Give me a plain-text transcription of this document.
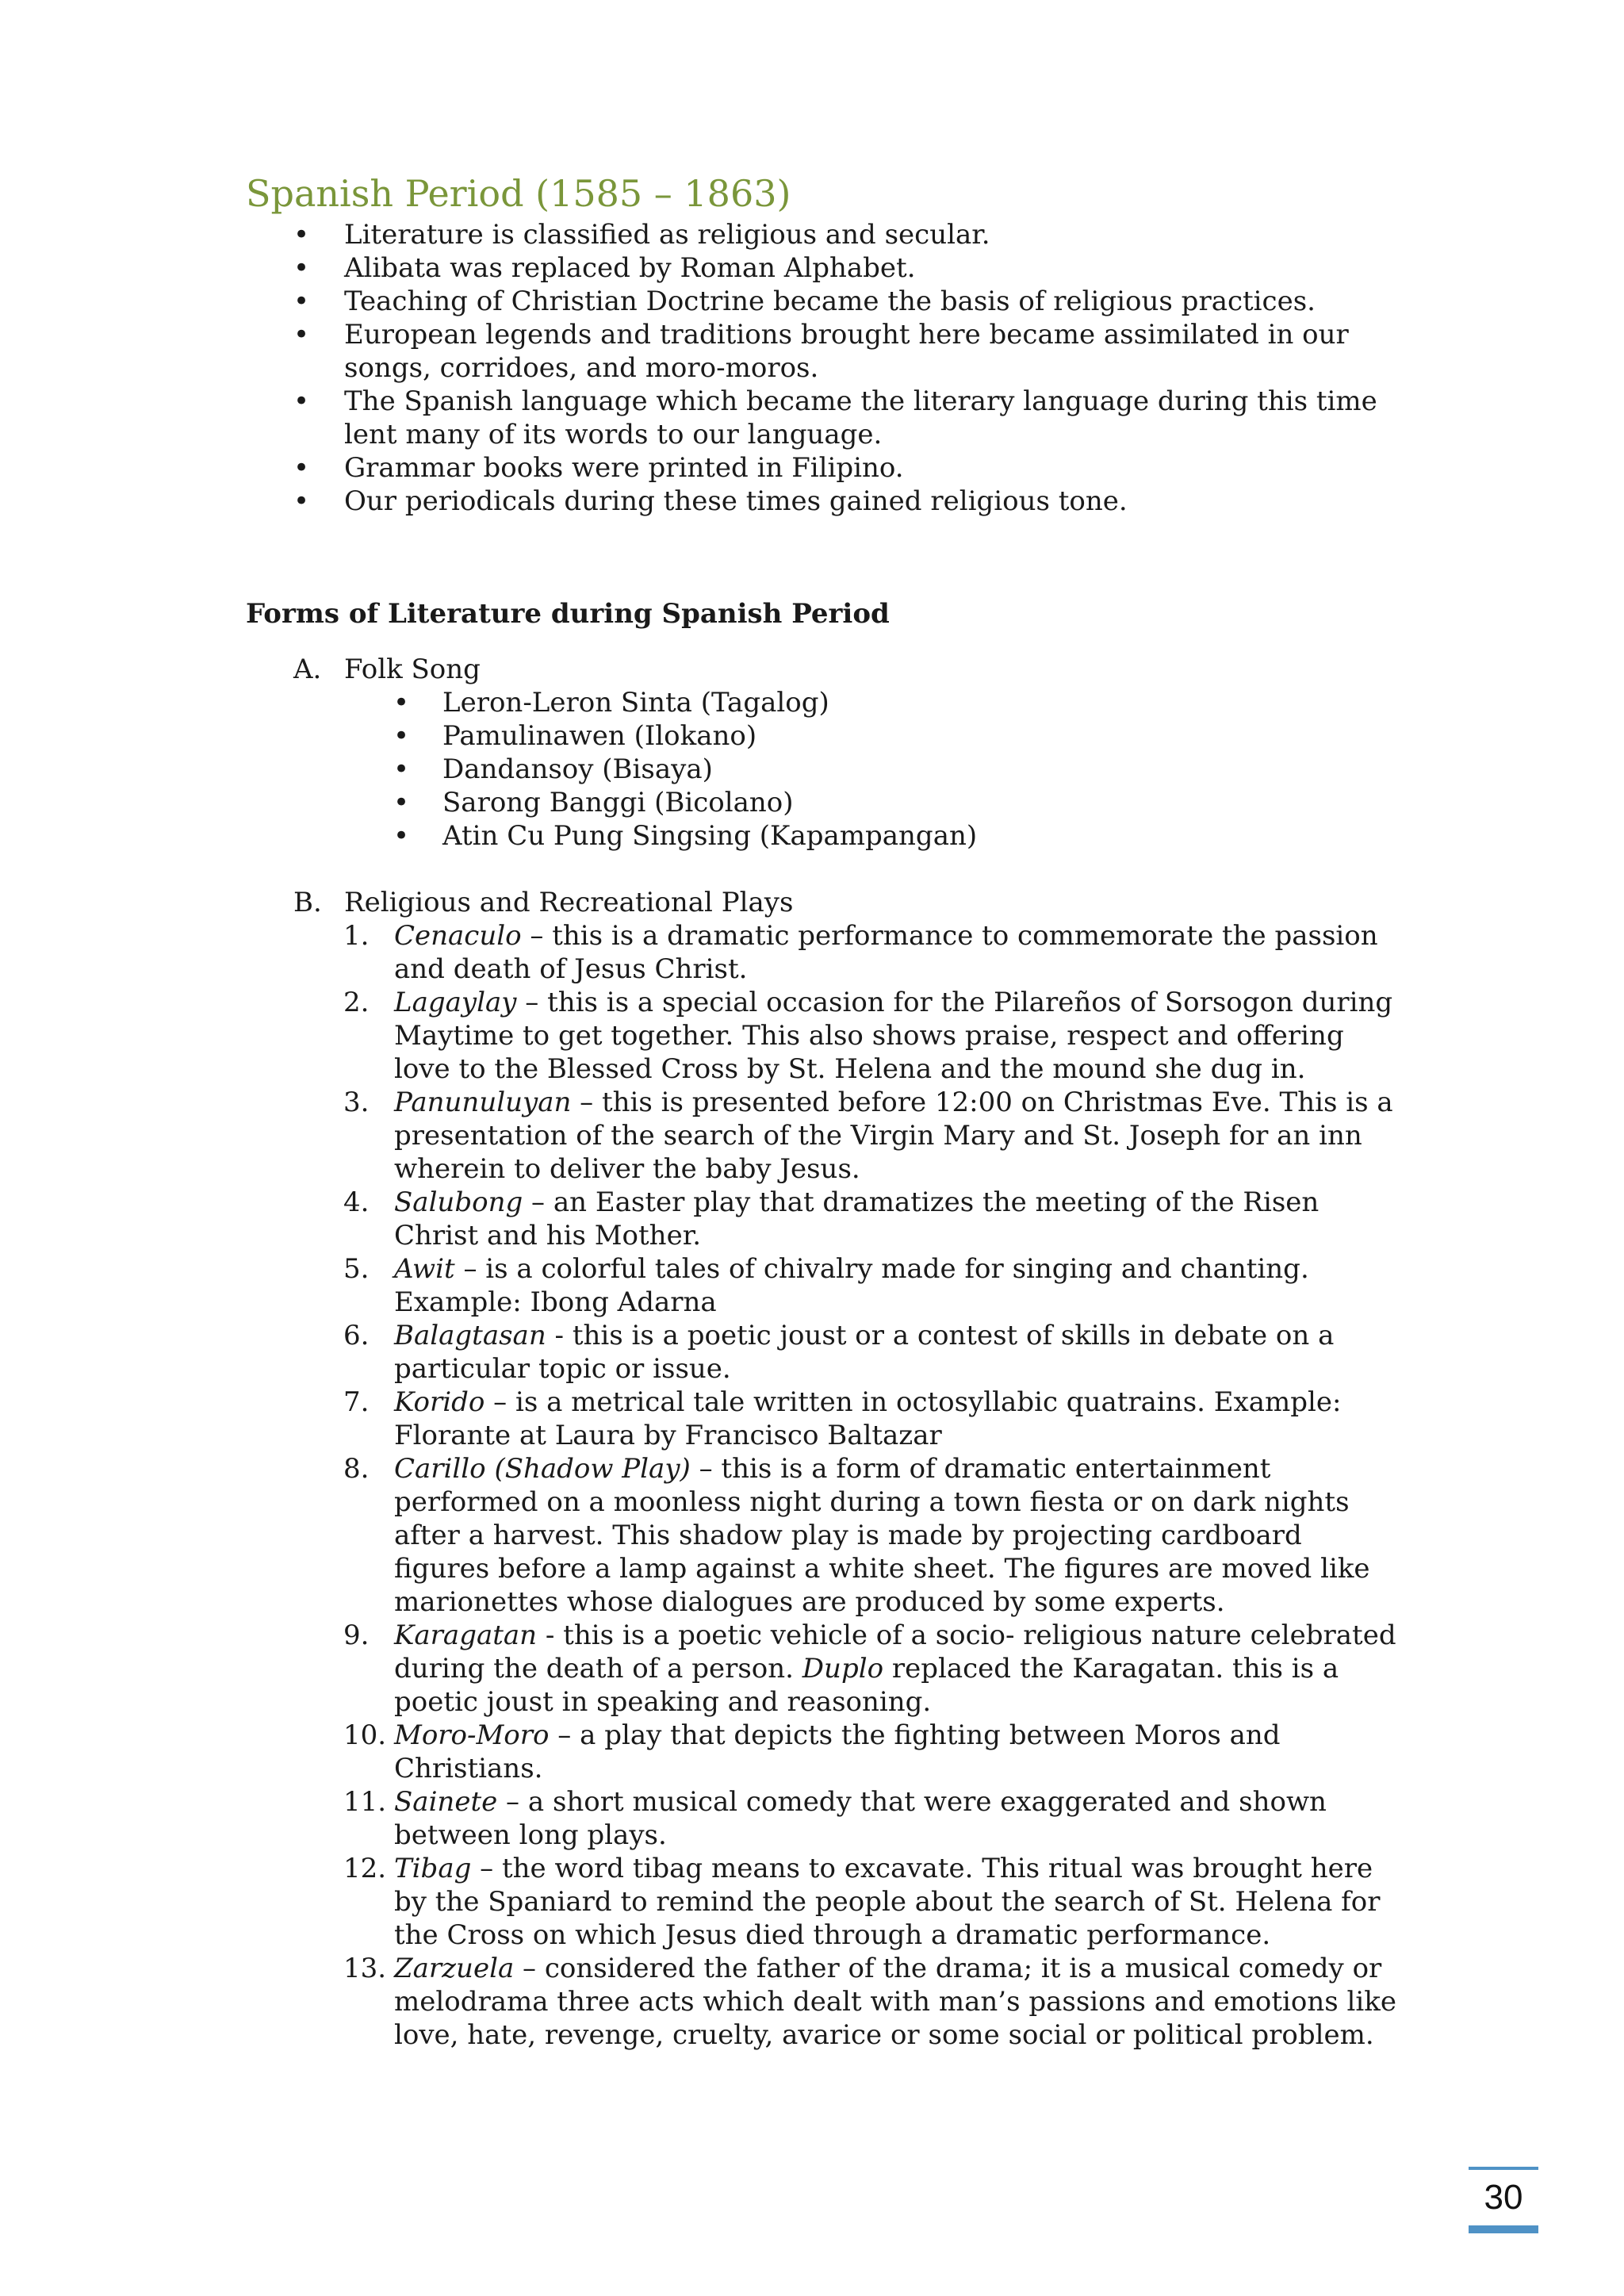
Spanish Period (1585 – 1863)
• Literature is classified as religious and secular.
• Alibata was replaced by Roman Alphabet.
• Teaching of Christian Doctrine became the basis of religious practices.
• European legends and traditions brought here became assimilated in our songs, corridoes, and moro-moros.
• The Spanish language which became the literary language during this time lent many of its words to our language.
• Grammar books were printed in Filipino.
• Our periodicals during these times gained religious tone.
Forms of Literature during Spanish Period
A. Folk Song
• Leron-Leron Sinta (Tagalog)
• Pamulinawen (Ilokano)
• Dandansoy (Bisaya)
• Sarong Banggi (Bicolano)
• Atin Cu Pung Singsing (Kapampangan)
B. Religious and Recreational Plays
1. Cenaculo – this is a dramatic performance to commemorate the passion and death of Jesus Christ.
2. Lagaylay – this is a special occasion for the Pilareños of Sorsogon during Maytime to get together. This also shows praise, respect and offering love to the Blessed Cross by St. Helena and the mound she dug in.
3. Panunuluyan – this is presented before 12:00 on Christmas Eve. This is a presentation of the search of the Virgin Mary and St. Joseph for an inn wherein to deliver the baby Jesus.
4. Salubong – an Easter play that dramatizes the meeting of the Risen Christ and his Mother.
5. Awit – is a colorful tales of chivalry made for singing and chanting. Example: Ibong Adarna
6. Balagtasan - this is a poetic joust or a contest of skills in debate on a particular topic or issue.
7. Korido – is a metrical tale written in octosyllabic quatrains. Example: Florante at Laura by Francisco Baltazar
8. Carillo (Shadow Play) – this is a form of dramatic entertainment performed on a moonless night during a town fiesta or on dark nights after a harvest. This shadow play is made by projecting cardboard figures before a lamp against a white sheet. The figures are moved like marionettes whose dialogues are produced by some experts.
9. Karagatan - this is a poetic vehicle of a socio- religious nature celebrated during the death of a person. Duplo replaced the Karagatan. this is a poetic joust in speaking and reasoning.
10. Moro-Moro – a play that depicts the fighting between Moros and Christians.
11. Sainete – a short musical comedy that were exaggerated and shown between long plays.
12. Tibag – the word tibag means to excavate. This ritual was brought here by the Spaniard to remind the people about the search of St. Helena for the Cross on which Jesus died through a dramatic performance.
13. Zarzuela – considered the father of the drama; it is a musical comedy or melodrama three acts which dealt with man’s passions and emotions like love, hate, revenge, cruelty, avarice or some social or political problem.
30
